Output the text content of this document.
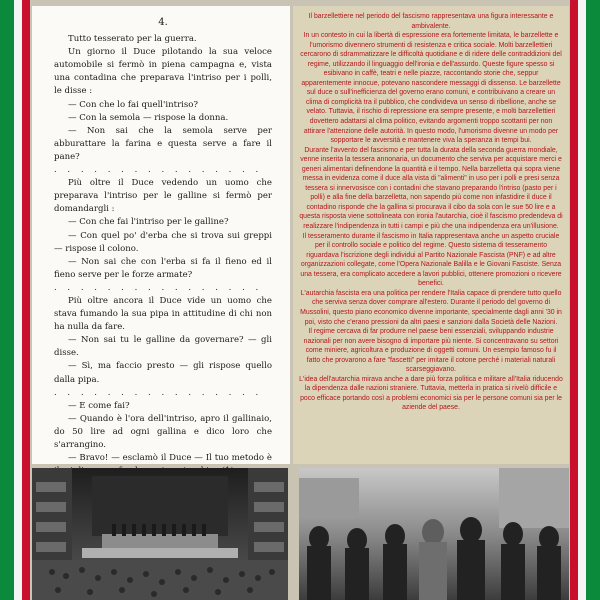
4.

Tutto tesserato per la guerra.

Un giorno il Duce pilotando la sua veloce automobile si fermò in piena campagna e, vista una contadina che preparava l'intriso per i polli, le disse :

— Con che lo fai quell'intriso?

— Con la semola — rispose la donna.

— Non sai che la semola serve per abburattare la farina e questa serve a fare il pane?

. . . . . . . . . . . . . . . .

Più oltre il Duce vedendo un uomo che preparava l'intriso per le galline si fermò per domandargli :

— Con che fai l'intriso per le galline?

— Con quel po' d'erba che si trova sui greppi — rispose il colono.

— Non sai che con l'erba si fa il fieno ed il fieno serve per le forze armate?

. . . . . . . . . . . . . . . .

Più oltre ancora il Duce vide un uomo che stava fumando la sua pipa in attitudine di chi non ha nulla da fare.

— Non sai tu le galline da governare? — gli disse.

— Sì, ma faccio presto — gli rispose quello dalla pipa.

. . . . . . . . . . . . . . . .

— E come fai?

— Quando è l'ora dell'intriso, apro il gallinaio, do 50 lire ad ogni gallina e dico loro che s'arrangino.

— Bravo! — esclamò il Duce — Il tuo metodo è

Il barzellettiere nel periodo del fascismo rappresentava una figura interessante e ambivalente.

In un contesto in cui la libertà di espressione era fortemente limitata, le barzellette e l'umorismo divennero strumenti di resistenza e critica sociale. Molti barzellettieri cercarono di sdrammatizzare le difficoltà quotidiane e di ridere delle contraddizioni del regime, utilizzando il linguaggio dell'ironia e dell'assurdo. Queste figure spesso si esibivano in caffè, teatri e nelle piazze, raccontando storie che, seppur apparentemente innocue, potevano nascondere messaggi di dissenso. Le barzellette sul duce o sull'inefficienza del governo erano comuni, e contribuivano a creare un clima di complicità tra il pubblico, che condivideva un senso di ribellione, anche se velato. Tuttavia, il rischio di repressione era sempre presente, e molti barzellettieri dovettero adattarsi al clima politico, evitando argomenti troppo scottanti per non attirare l'attenzione delle autorità. In questo modo, l'umorismo divenne un modo per sopportare le avversità e mantenere viva la speranza in tempi bui.

Durante l'avvento del fascismo e per tutta la durata della seconda guerra mondiale, venne inserita la tessera annonaria, un documento che serviva per acquistare merci e generi alimentari definendone la quantità e il tempo. Nella barzelletta qui sopra viene messa in evidenza come il duce alla vista di "alimenti" in uso per i polli e presi senza tessera si innervosisce con i contadini che stavano preparando l'intriso (pasto per i polli) e alla fine della barzelletta, non sapendo più come non infastidire il duce il contadino risponde che la gallina si procurava il cibo da sola con le sue 50 lire e a questa risposta viene sottolineata con ironia l'autarchia, cioè il fascismo predendeva di realizzare l'indipendenza in tutti i campi e più che una indipendenza era un'illusione.

Il tesseramento durante il fascismo in Italia rappresentava anche un aspetto cruciale per il controllo sociale e politico del regime. Questo sistema di tesseramento riguardava l'iscrizione degli individui al Partito Nazionale Fascista (PNF) e ad altre organizzazioni collegate, come l'Opera Nazionale Balilla e le Giovani Fasciste. Senza una tessera, era complicato accedere a lavori pubblici, ottenere promozioni o ricevere benefici.

L'autarchia fascista era una politica per rendere l'Italia capace di prendere tutto quello che serviva senza dover comprare all'estero. Durante il periodo del governo di Mussolini, questo piano economico divenne importante, specialmente dagli anni '30 in poi, visto che c'erano pressioni da altri paesi e sanzioni dalla Società delle Nazioni.

Il regime cercava di far produrre nel paese beni essenziali, sviluppando industrie nazionali per non avere bisogno di importare più niente. Si concentravano su settori come miniere, agricoltura e produzione di oggetti comuni. Un esempio famoso fu il fatto che provarono a fare "fascetti" per imitare il cotone perché i materiali naturali scarseggiavano.

L'idea dell'autarchia mirava anche a dare più forza politica e militare all'Italia riducendo la dipendenza dalle nazioni straniere. Tuttavia, metterla in pratica si rivelò difficile e poco efficace portando così a problemi economici sia per le persone comuni sia per le aziende del paese.
